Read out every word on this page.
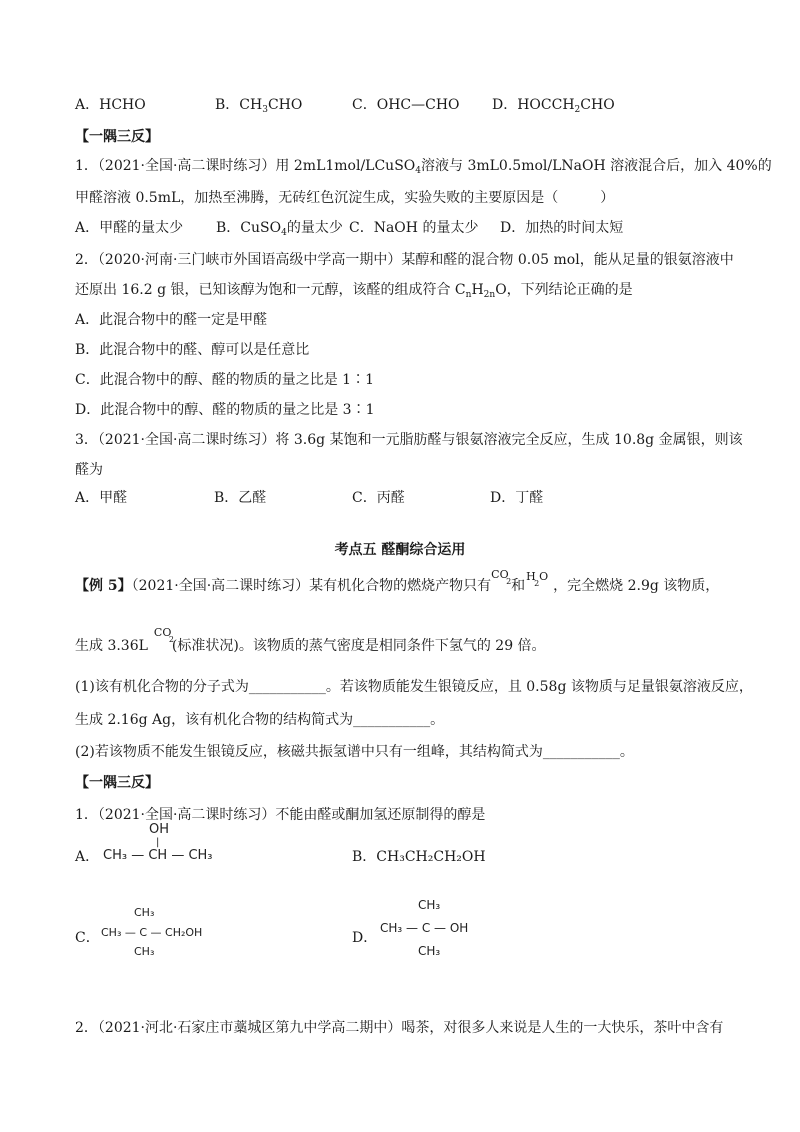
A．HCHO	B．$CH_3CHO$	C．OHC—CHO D．$HOCCH_2CHO$
【一隅三反】
1．（2021·全国·高二课时练习）用 2mL1mol/LCuSO$_4$溶液与 3mL0.5mol/LNaOH 溶液混合后，加入 40%的
甲醛溶液 0.5mL，加热至沸腾，无砖红色沉淀生成，实验失败的主要原因是（　　　）
A．甲醛的量太少 B．CuSO$_4$的量太少 C．NaOH 的量太少 D．加热的时间太短
2．（2020·河南·三门峡市外国语高级中学高一期中）某醇和醛的混合物 0.05 mol，能从足量的银氨溶液中
还原出 16.2 g 银，已知该醇为饱和一元醇，该醛的组成符合 $C_nH_{2n}O$，下列结论正确的是
A．此混合物中的醛一定是甲醛
B．此混合物中的醛、醇可以是任意比
C．此混合物中的醇、醛的物质的量之比是 1∶1
D．此混合物中的醇、醛的物质的量之比是 3∶1
3．（2021·全国·高二课时练习）将 3.6g 某饱和一元脂肪醛与银氨溶液完全反应，生成 10.8g 金属银，则该
醛为
A．甲醛	B．乙醛	C．丙醛	D．丁醛
考点五 醛酮综合运用
【例 5】（2021·全国·高二课时练习）某有机化合物的燃烧产物只有
CO
2 和
H
2
O
，完全燃烧 2.9g 该物质，
生成 3.36L
CO
2
(标准状况)。该物质的蒸气密度是相同条件下氢气的 29 倍。
(1)该有机化合物的分子式为___________。若该物质能发生银镜反应，且 0.58g 该物质与足量银氨溶液反应，
生成 2.16g Ag，该有机化合物的结构简式为___________。
(2)若该物质不能发生银镜反应，核磁共振氢谱中只有一组峰，其结构简式为___________。
【一隅三反】
1．（2021·全国·高二课时练习）不能由醛或酮加氢还原制得的醇是
A．
OH
|
CH₃ — CH — CH₃	B．CH₃CH₂CH₂OH
C．
CH₃
CH₃ — C — CH₂OH
CH₃
D．
CH₃
CH₃ — C — OH
CH₃
2．（2021·河北·石家庄市藁城区第九中学高二期中）喝茶，对很多人来说是人生的一大快乐，茶叶中含有
